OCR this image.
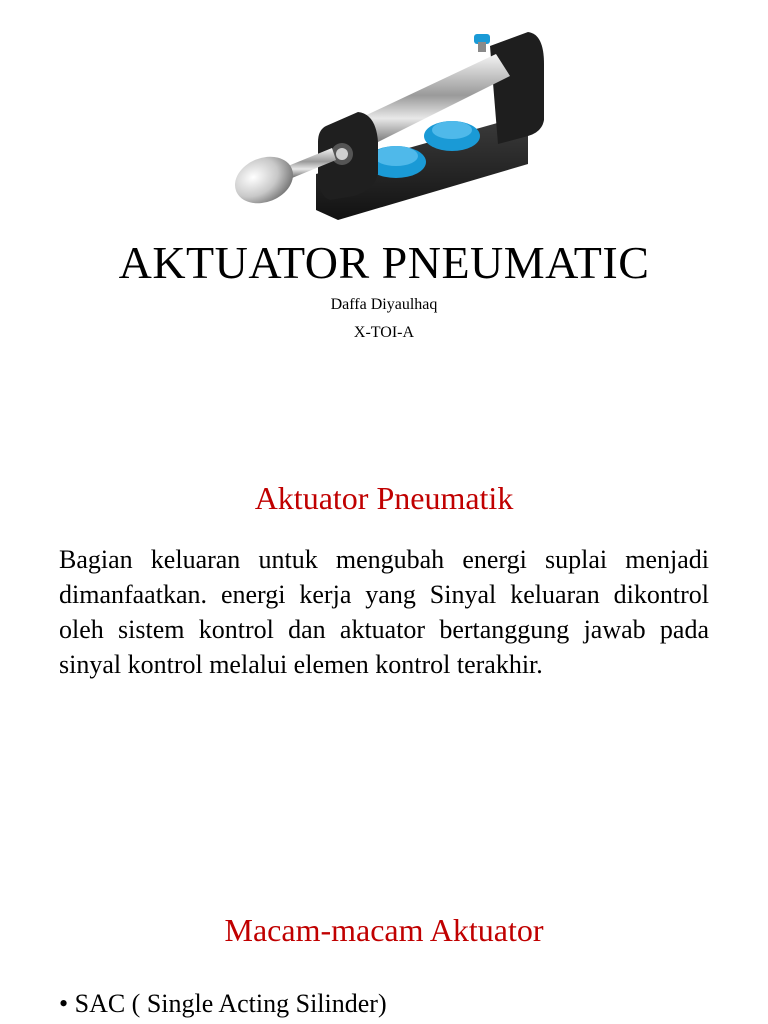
AKTUATOR PNEUMATIC
Daffa Diyaulhaq
X-TOI-A
Aktuator Pneumatik
Bagian keluaran untuk mengubah energi suplai menjadi dimanfaatkan. energi kerja yang Sinyal keluaran dikontrol oleh sistem kontrol dan aktuator bertanggung jawab pada sinyal kontrol melalui elemen kontrol terakhir.
Macam-macam Aktuator
• SAC ( Single Acting Silinder)
